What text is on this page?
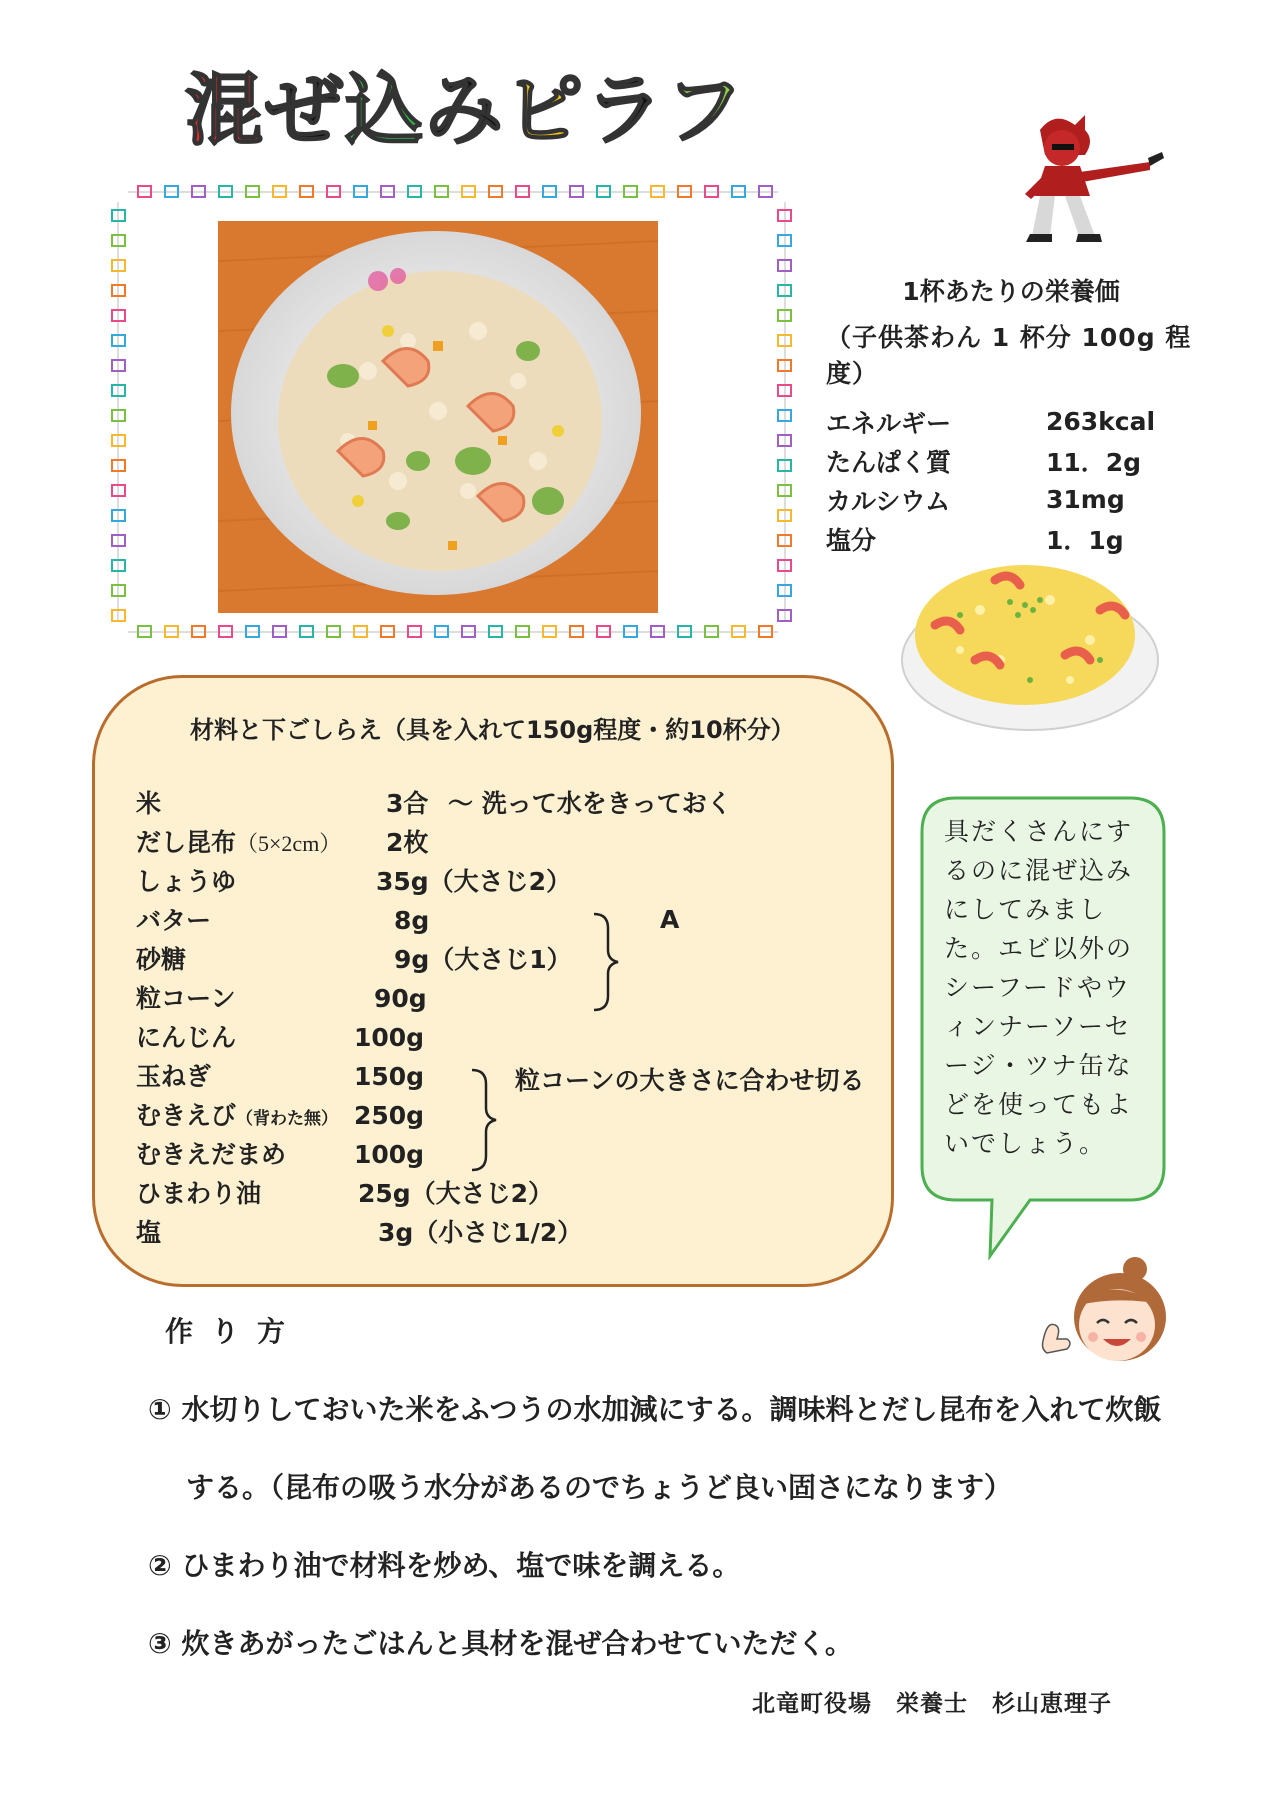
混 ぜ 込 み ピ ラ フ
1杯あたりの栄養価
（子供茶わん 1 杯分 100g 程度）
エネルギー	263kcal
たんぱく質	11．2g
カルシウム	31mg
塩分	1．1g
材料と下ごしらえ（具を入れて150g程度・約10杯分）
米	3合 ～ 洗って水をきっておく
だし昆布（5×2cm） 2枚
しょうゆ	35g（大さじ2）
バター	8g
砂糖	9g（大さじ1）
粒コーン	90g
にんじん	100g
玉ねぎ	150g
むきえび（背わた無） 250g
むきえだまめ	100g
ひまわり油	25g（大さじ2）
塩	3g（小さじ1/2）
A
粒コーンの大きさに合わせ切る
具だくさんにするのに混ぜ込みにしてみました。エビ以外のシーフードやウィンナーソーセージ・ツナ缶などを使ってもよいでしょう。
作り方
① 水切りしておいた米をふつうの水加減にする。調味料とだし昆布を入れて炊飯
する。（昆布の吸う水分があるのでちょうど良い固さになります）
② ひまわり油で材料を炒め、塩で味を調える。
③ 炊きあがったごはんと具材を混ぜ合わせていただく。
北竜町役場　栄養士　杉山恵理子
